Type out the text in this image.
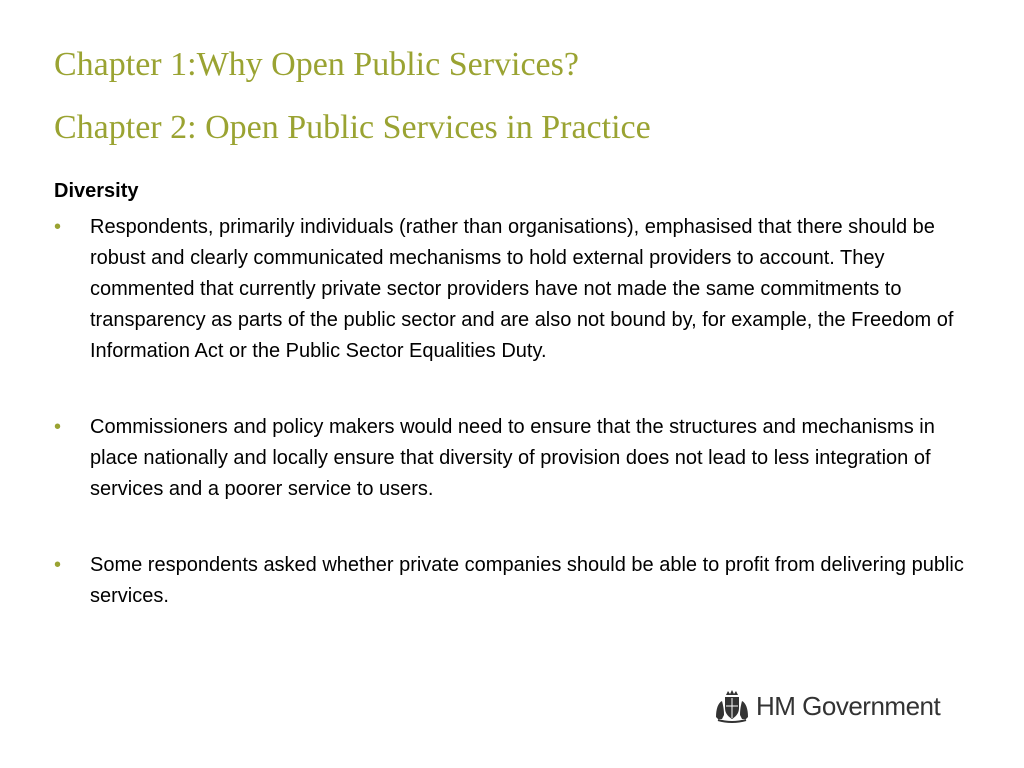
Chapter 1:Why Open Public Services?
Chapter 2: Open Public Services in Practice
Diversity
•	Respondents, primarily individuals (rather than organisations), emphasised that there should be robust and clearly communicated mechanisms to hold external providers to account. They commented that currently private sector providers have not made the same commitments to transparency as parts of the public sector and are also not bound by, for example, the Freedom of Information Act or the Public Sector Equalities Duty.
•	Commissioners and policy makers would need to ensure that the structures and mechanisms in place nationally and locally ensure that diversity of provision does not lead to less integration of services and a poorer service to users.
•	Some respondents asked whether private companies should be able to profit from delivering public services.
HM Government
